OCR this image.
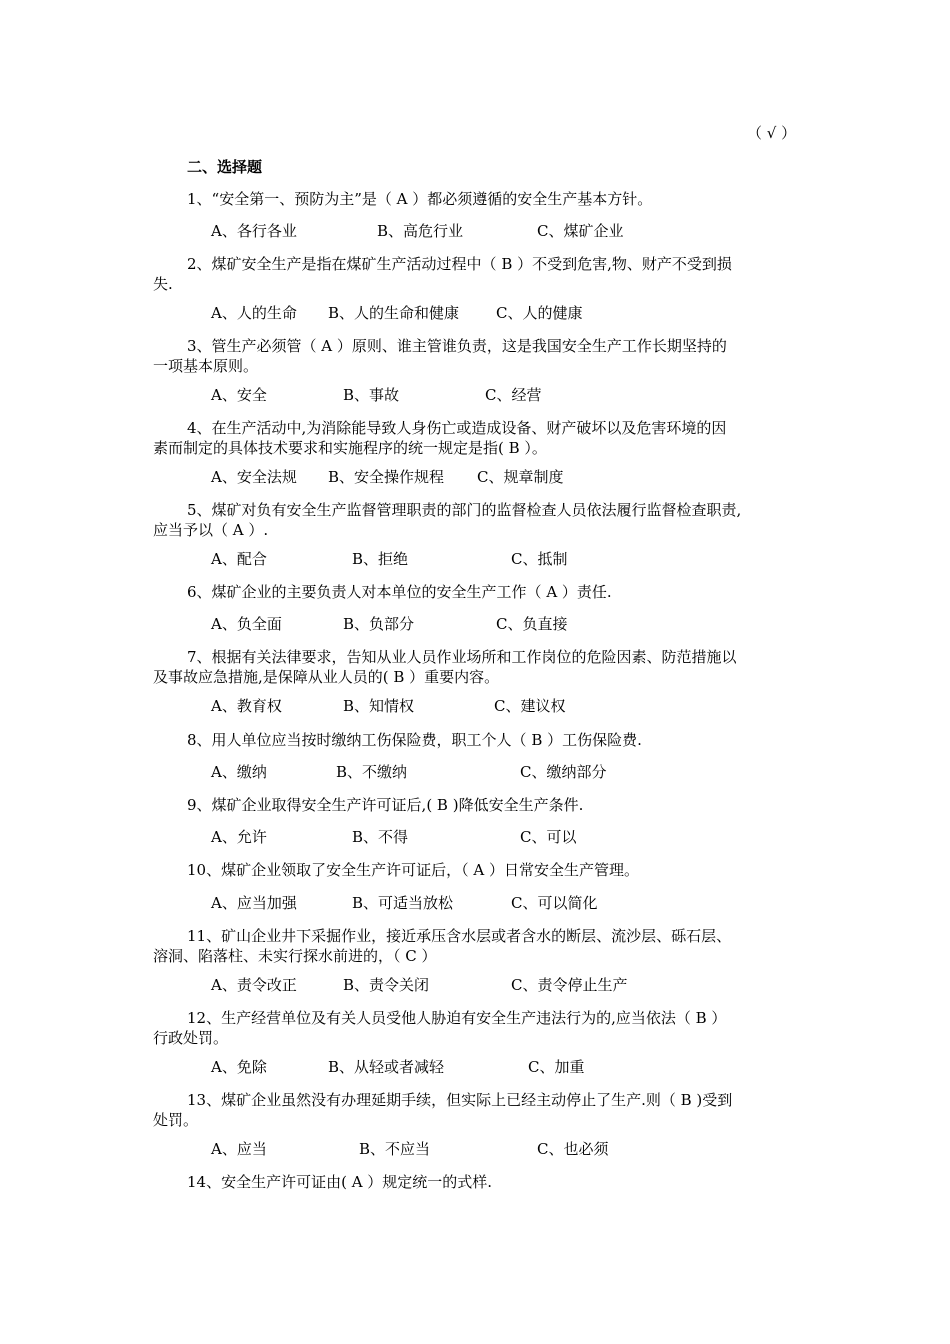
（ √ ）
二、选择题
1、“安全第一、预防为主”是（ A ）都必须遵循的安全生产基本方针。
A、各行各业	B、高危行业	C、煤矿企业
2、煤矿安全生产是指在煤矿生产活动过程中（ B ）不受到危害,物、财产不受到损
失.
A、人的生命 B、人的生命和健康 C、人的健康
3、管生产必须管（ A ）原则、谁主管谁负责，这是我国安全生产工作长期坚持的
一项基本原则。
A、安全	B、事故	C、经营
4、在生产活动中,为消除能导致人身伤亡或造成设备、财产破坏以及危害环境的因
素而制定的具体技术要求和实施程序的统一规定是指( B ）。
A、安全法规 B、安全操作规程 C、规章制度
5、煤矿对负有安全生产监督管理职责的部门的监督检查人员依法履行监督检查职责,
应当予以（ A ）.
A、配合	B、拒绝	C、抵制
6、煤矿企业的主要负责人对本单位的安全生产工作（ A ）责任.
A、负全面	B、负部分	C、负直接
7、根据有关法律要求，告知从业人员作业场所和工作岗位的危险因素、防范措施以
及事故应急措施,是保障从业人员的( B ）重要内容。
A、教育权	B、知情权	C、建议权
8、用人单位应当按时缴纳工伤保险费，职工个人（ B ）工伤保险费.
A、缴纳	B、不缴纳	C、缴纳部分
9、煤矿企业取得安全生产许可证后,( B )降低安全生产条件.
A、允许	B、不得	C、可以
10、煤矿企业领取了安全生产许可证后，（ A ）日常安全生产管理。
A、应当加强	B、可适当放松	C、可以简化
11、矿山企业井下采掘作业，接近承压含水层或者含水的断层、流沙层、砾石层、
溶洞、陷落柱、未实行探水前进的，（ C ）
A、责令改正	B、责令关闭	C、责令停止生产
12、生产经营单位及有关人员受他人胁迫有安全生产违法行为的,应当依法（ B ）
行政处罚。
A、免除	B、从轻或者减轻	C、加重
13、煤矿企业虽然没有办理延期手续，但实际上已经主动停止了生产.则（ B )受到
处罚。
A、应当	B、不应当	C、也必须
14、安全生产许可证由( A ）规定统一的式样.
